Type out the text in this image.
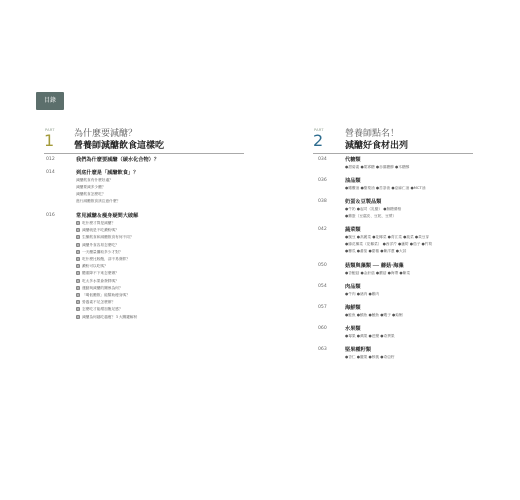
目錄
PART
1 為什麼要減醣？
營養師減醣飲食這樣吃
012	我們為什麼要減醣（碳水化合物）？
014	到底什麼是「減醣飲食」？
減醣飲食有什麼好處？
減醣要減多少醣？
減醣飲食怎麼吃？
進行減醣飲食該注意什麼？
016	常見減醣＆瘦身疑問大破解
Q 吃什麼才算是減醣？
Q 減醣就是不吃澱粉嗎？
Q 生酮飲食和減醣飲食有何不同？
Q 減醣外食容易怎麼吃？
Q 一天醣量攝取多少才對？
Q 吃什麼比較飽，卻不易發胖？
Q 澱粉可以吃嗎？
Q 體重降不下來怎麼辦？
Q 吃太多水果會發胖嗎？
Q 運動與減醣的關係為何？
Q 「喝低醣飲」能幫助瘦身嗎？
Q 營養素不足怎麼辦？
Q 怎麼吃才能增加飽足感？
Q 減醣為何越吃越瘦？５大關鍵解析
PART
2 營養師點名！
減醣好食材出列
034	代糖類
●甜菊素 ●果寡糖 ●赤藻糖醇 ●木糖醇
036	油品類
●橄欖油 ●酪梨油 ●苦茶油 ●亞麻仁油 ●MCT油
038	奶蛋＆豆製品類
●牛奶 ●起司（乳酪） ●無糖優格
●雞蛋（豆腐皮、豆乾、豆漿）
042	蔬菜類
●豌豆 ●高麗菜 ●花椰菜 ●青江菜 ●菠菜 ●黃豆芽
●綠花椰菜（花椰菜） ●西洋芹 ●蘆筍 ●茄子 ●竹筍
●櫛瓜 ●番茄 ●甜椒 ●紫洋蔥 ●大蒜
050	菇類與藻類 ── 蘑菇·海藻
●杏鮑菇 ●金針菇 ●蘑菇 ●海帶 ●紫菜
054	肉品類
●牛肉 ●豬肉 ●雞肉
057	海鮮類
●鮭魚 ●鯖魚 ●鮪魚 ●蝦子 ●蛤蜊
060	水果類
●莓果 ●蘋果 ●芭樂 ●奇異果
063	堅果種籽類
●杏仁 ●腰果 ●核桃 ●奇亞籽
